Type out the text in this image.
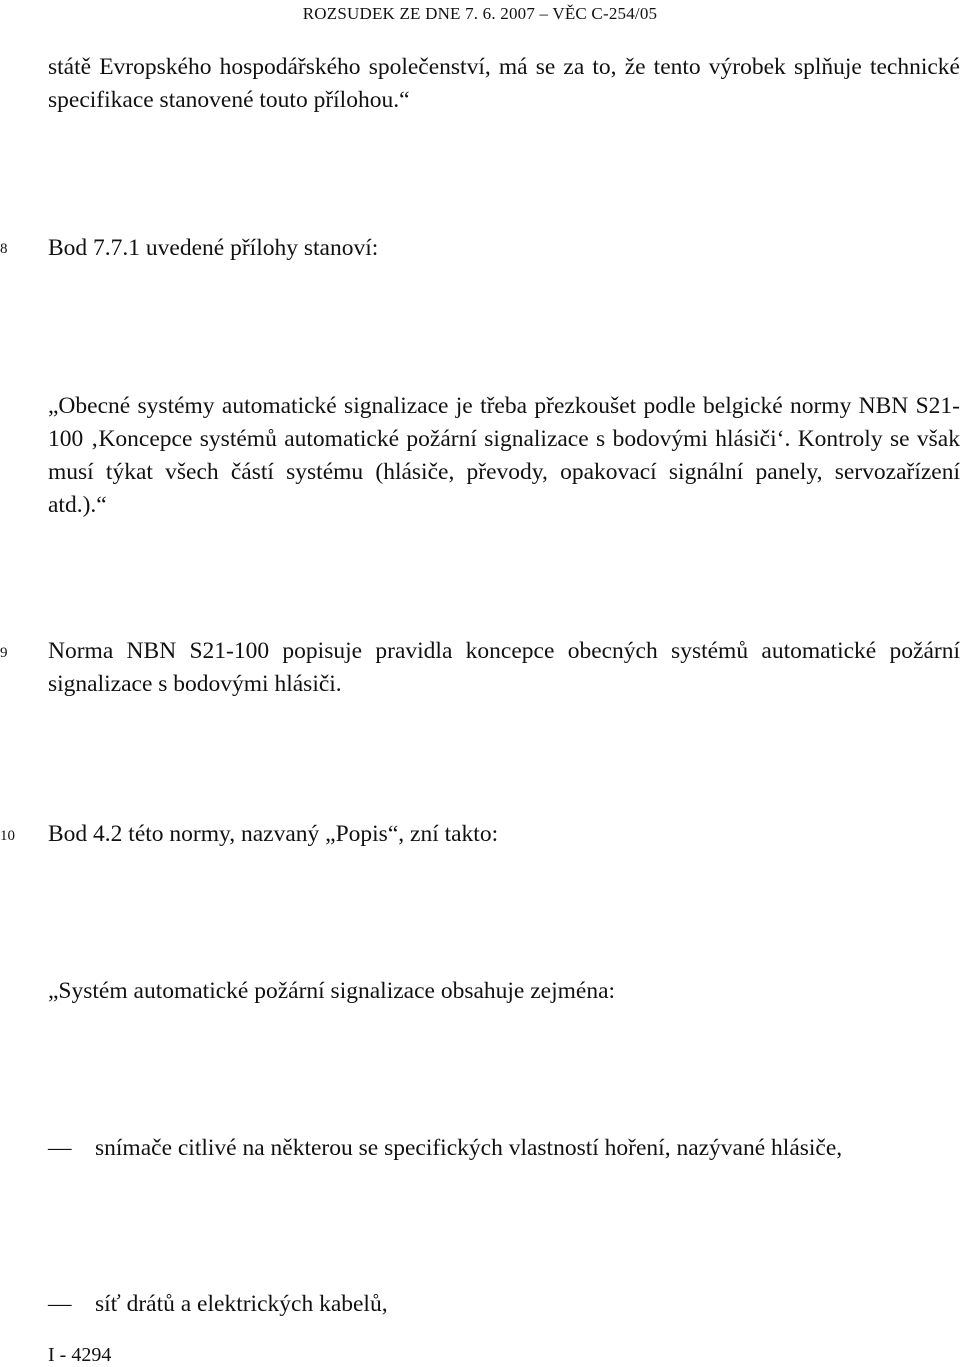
ROZSUDEK ZE DNE 7. 6. 2007 – VĚC C-254/05

státě Evropského hospodářského společenství, má se za to, že tento výrobek splňuje technické specifikace stanovené touto přílohou.“

8 Bod 7.7.1 uvedené přílohy stanoví:

„Obecné systémy automatické signalizace je třeba přezkoušet podle belgické normy NBN S21-100 ‚Koncepce systémů automatické požární signalizace s bodovými hlásiči‘. Kontroly se však musí týkat všech částí systému (hlásiče, převody, opakovací signální panely, servozařízení atd.).“

9 Norma NBN S21-100 popisuje pravidla koncepce obecných systémů automatické požární signalizace s bodovými hlásiči.

10 Bod 4.2 této normy, nazvaný „Popis“, zní takto:

„Systém automatické požární signalizace obsahuje zejména:

— snímače citlivé na některou se specifických vlastností hoření, nazývané hlásiče,
— síť drátů a elektrických kabelů,
I - 4294
